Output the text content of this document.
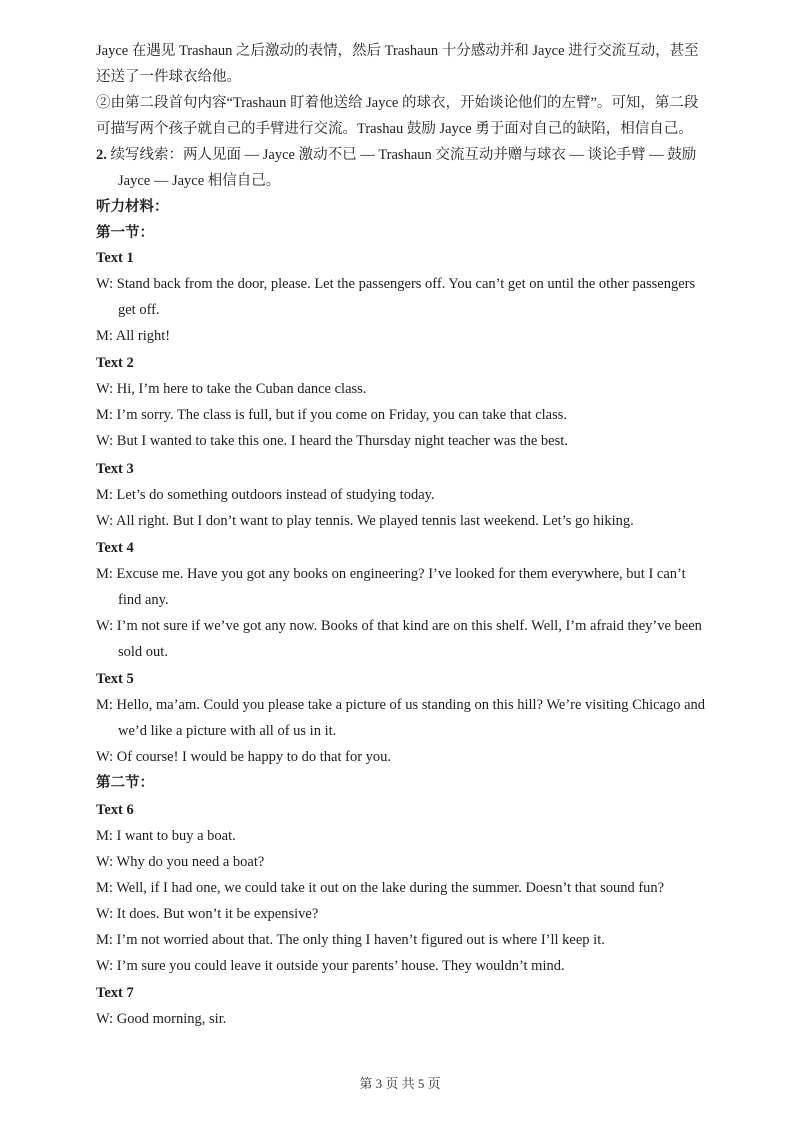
Jayce 在遇见 Trashaun 之后激动的表情，然后 Trashaun 十分感动并和 Jayce 进行交流互动，甚至还送了一件球衣给他。

②由第二段首句内容“Trashaun 盯着他送给 Jayce 的球衣，开始谈论他们的左臂”。可知，第二段可描写两个孩子就自己的手臂进行交流。Trashau 鼓励 Jayce 勇于面对自己的缺陷，相信自己。

2. 续写线索：两人见面 — Jayce 激动不已 — Trashaun 交流互动并赠与球衣 — 谈论手臂 — 鼓励 Jayce — Jayce 相信自己。

听力材料：

第一节：

Text 1

W: Stand back from the door, please. Let the passengers off. You can’t get on until the other passengers get off.

M: All right!

Text 2

W: Hi, I’m here to take the Cuban dance class.

M: I’m sorry. The class is full, but if you come on Friday, you can take that class.

W: But I wanted to take this one. I heard the Thursday night teacher was the best.

Text 3

M: Let’s do something outdoors instead of studying today.

W: All right. But I don’t want to play tennis. We played tennis last weekend. Let’s go hiking.

Text 4

M: Excuse me. Have you got any books on engineering? I’ve looked for them everywhere, but I can’t find any.

W: I’m not sure if we’ve got any now. Books of that kind are on this shelf. Well, I’m afraid they’ve been sold out.

Text 5

M: Hello, ma’am. Could you please take a picture of us standing on this hill? We’re visiting Chicago and we’d like a picture with all of us in it.

W: Of course! I would be happy to do that for you.

第二节：

Text 6

M: I want to buy a boat.

W: Why do you need a boat?

M: Well, if I had one, we could take it out on the lake during the summer. Doesn’t that sound fun?

W: It does. But won’t it be expensive?

M: I’m not worried about that. The only thing I haven’t figured out is where I’ll keep it.

W: I’m sure you could leave it outside your parents’ house. They wouldn’t mind.

Text 7

W: Good morning, sir.

第 3 页 共 5 页
